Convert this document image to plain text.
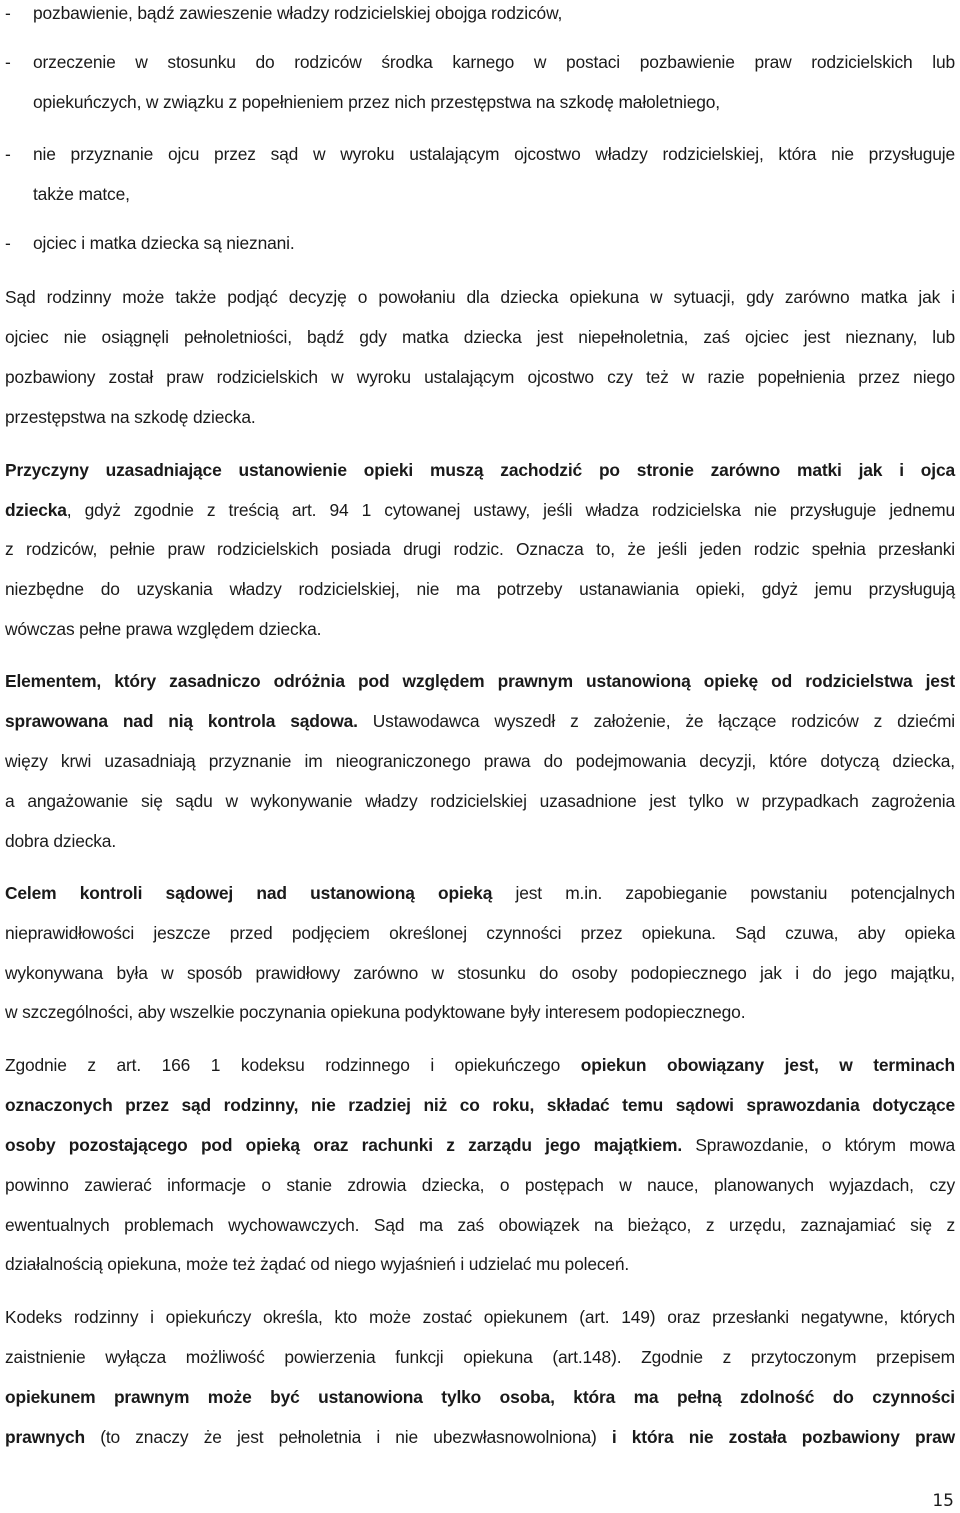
- pozbawienie, bądź zawieszenie władzy rodzicielskiej obojga rodziców,
- orzeczenie w stosunku do rodziców środka karnego w postaci pozbawienie praw rodzicielskich lub
opiekuńczych, w związku z popełnieniem przez nich przestępstwa na szkodę małoletniego,
- nie przyznanie ojcu przez sąd w wyroku ustalającym ojcostwo władzy rodzicielskiej, która nie przysługuje
także matce,
- ojciec i matka dziecka są nieznani.
Sąd rodzinny może także podjąć decyzję o powołaniu dla dziecka opiekuna w sytuacji, gdy zarówno matka jak i
ojciec nie osiągnęli pełnoletniości, bądź gdy matka dziecka jest niepełnoletnia, zaś ojciec jest nieznany, lub
pozbawiony został praw rodzicielskich w wyroku ustalającym ojcostwo czy też w razie popełnienia przez niego
przestępstwa na szkodę dziecka.
Przyczyny uzasadniające ustanowienie opieki muszą zachodzić po stronie zarówno matki jak i ojca
dziecka, gdyż zgodnie z treścią art. 94 1 cytowanej ustawy, jeśli władza rodzicielska nie przysługuje jednemu
z rodziców, pełnie praw rodzicielskich posiada drugi rodzic. Oznacza to, że jeśli jeden rodzic spełnia przesłanki
niezbędne do uzyskania władzy rodzicielskiej, nie ma potrzeby ustanawiania opieki, gdyż jemu przysługują
wówczas pełne prawa względem dziecka.
Elementem, który zasadniczo odróżnia pod względem prawnym ustanowioną opiekę od rodzicielstwa jest
sprawowana nad nią kontrola sądowa. Ustawodawca wyszedł z założenie, że łączące rodziców z dziećmi
więzy krwi uzasadniają przyznanie im nieograniczonego prawa do podejmowania decyzji, które dotyczą dziecka,
a angażowanie się sądu w wykonywanie władzy rodzicielskiej uzasadnione jest tylko w przypadkach zagrożenia
dobra dziecka.
Celem kontroli sądowej nad ustanowioną opieką jest m.in. zapobieganie powstaniu potencjalnych
nieprawidłowości jeszcze przed podjęciem określonej czynności przez opiekuna. Sąd czuwa, aby opieka
wykonywana była w sposób prawidłowy zarówno w stosunku do osoby podopiecznego jak i do jego majątku,
w szczególności, aby wszelkie poczynania opiekuna podyktowane były interesem podopiecznego.
Zgodnie z art. 166 1 kodeksu rodzinnego i opiekuńczego opiekun obowiązany jest, w terminach
oznaczonych przez sąd rodzinny, nie rzadziej niż co roku, składać temu sądowi sprawozdania dotyczące
osoby pozostającego pod opieką oraz rachunki z zarządu jego majątkiem. Sprawozdanie, o którym mowa
powinno zawierać informacje o stanie zdrowia dziecka, o postępach w nauce, planowanych wyjazdach, czy
ewentualnych problemach wychowawczych. Sąd ma zaś obowiązek na bieżąco, z urzędu, zaznajamiać się z
działalnością opiekuna, może też żądać od niego wyjaśnień i udzielać mu poleceń.
Kodeks rodzinny i opiekuńczy określa, kto może zostać opiekunem (art. 149) oraz przesłanki negatywne, których
zaistnienie wyłącza możliwość powierzenia funkcji opiekuna (art.148). Zgodnie z przytoczonym przepisem
opiekunem prawnym może być ustanowiona tylko osoba, która ma pełną zdolność do czynności
prawnych (to znaczy że jest pełnoletnia i nie ubezwłasnowolniona) i która nie została pozbawiony praw
15
